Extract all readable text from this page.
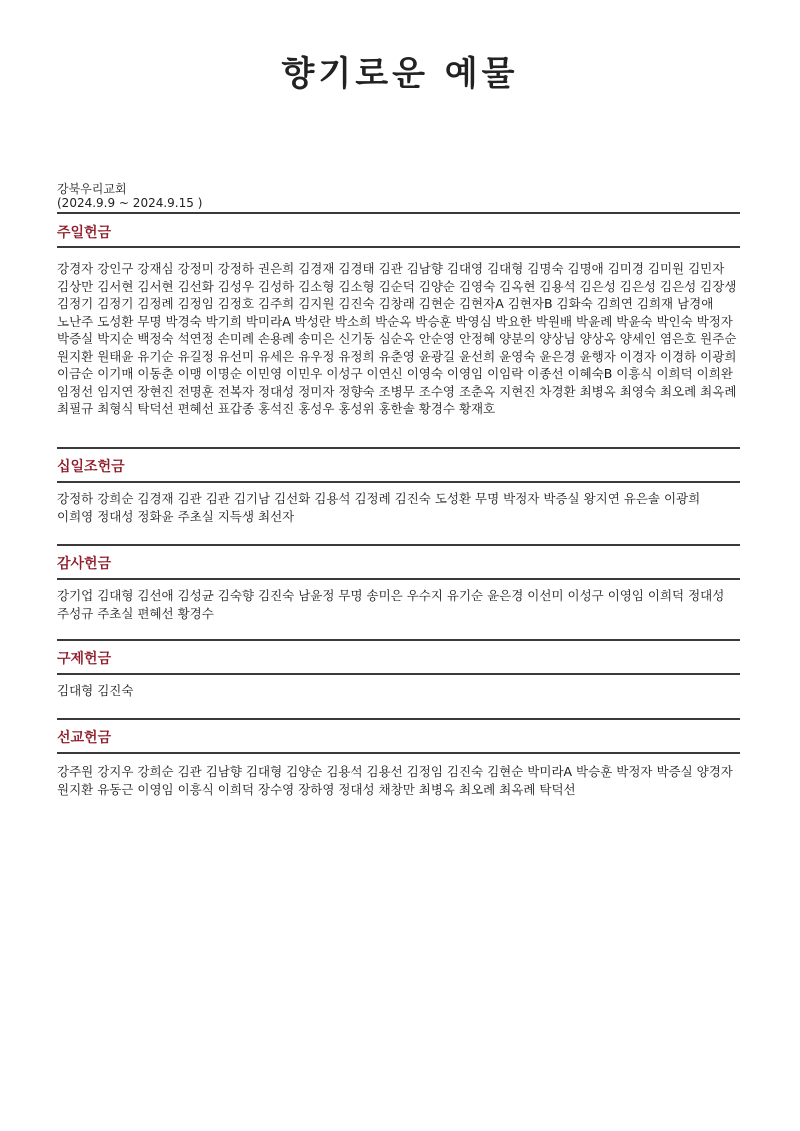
향기로운 예물
강북우리교회
(2024.9.9 ~ 2024.9.15 )
주일헌금
강경자 강인구 강재심 강정미 강정하 권은희 김경재 김경태 김관 김남향 김대영 김대형 김명숙 김명애 김미경 김미원 김민자 김상만 김서현 김서현 김선화 김성우 김성하 김소형 김소형 김순덕 김양순 김영숙 김옥현 김용석 김은성 김은성 김은성 김장생 김정기 김정기 김정례 김정임 김정호 김주희 김지원 김진숙 김창래 김현순 김현자A 김현자B 김화숙 김희연 김희재 남경애 노난주 도성환 무명 박경숙 박기희 박미라A 박성란 박소희 박순옥 박승훈 박영심 박요한 박원배 박윤례 박윤숙 박인숙 박정자 박증실 박지순 백정숙 석연정 손미례 손용례 송미은 신기동 심순옥 안순영 안정혜 양분의 양상님 양상옥 양세인 염은호 원주순 원지환 원태윤 유기순 유길정 유선미 유세은 유우정 유정희 유춘영 윤광길 윤선희 윤영숙 윤은경 윤행자 이경자 이경하 이광희 이금순 이기매 이동춘 이맹 이명순 이민영 이민우 이성구 이연신 이영숙 이영임 이임락 이종선 이혜숙B 이흥식 이희덕 이희완 임정선 임지연 장현진 전명훈 전복자 정대성 정미자 정향숙 조병무 조수영 조춘옥 지현진 차경환 최병옥 최영숙 최오례 최옥례 최필규 최형식 탁덕선 편혜선 표갑종 홍석진 홍성우 홍성위 홍한솔 황경수 황재호
십일조헌금
강정하 강희순 김경재 김관 김관 김기남 김선화 김용석 김정례 김진숙 도성환 무명 박정자 박증실 왕지연 유은솔 이광희 이희영 정대성 정화윤 주초실 지득생 최선자
감사헌금
강기업 김대형 김선애 김성균 김숙향 김진숙 남윤정 무명 송미은 우수지 유기순 윤은경 이선미 이성구 이영임 이희덕 정대성 주성규 주초실 편혜선 황경수
구제헌금
김대형 김진숙
선교헌금
강주원 강지우 강희순 김관 김남향 김대형 김양순 김용석 김용선 김정임 김진숙 김현순 박미라A 박승훈 박정자 박증실 양경자 원지환 유동근 이영임 이흥식 이희덕 장수영 장하영 정대성 채창만 최병옥 최오례 최옥례 탁덕선
